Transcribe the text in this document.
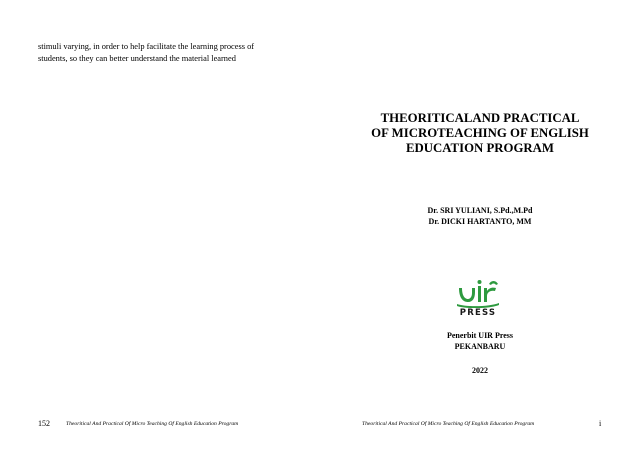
stimuli varying, in order to help facilitate the learning process of
students, so they can better understand the material learned
152	Theoritical And Practical Of Micro Teaching Of English Education Program
THEORITICALAND PRACTICAL
OF MICROTEACHING OF ENGLISH
EDUCATION PROGRAM
Dr. SRI YULIANI, S.Pd.,M.Pd
Dr. DICKI HARTANTO, MM
PRESS
Penerbit UIR Press
PEKANBARU
2022
Theoritical And Practical Of Micro Teaching Of English Education Program	i
